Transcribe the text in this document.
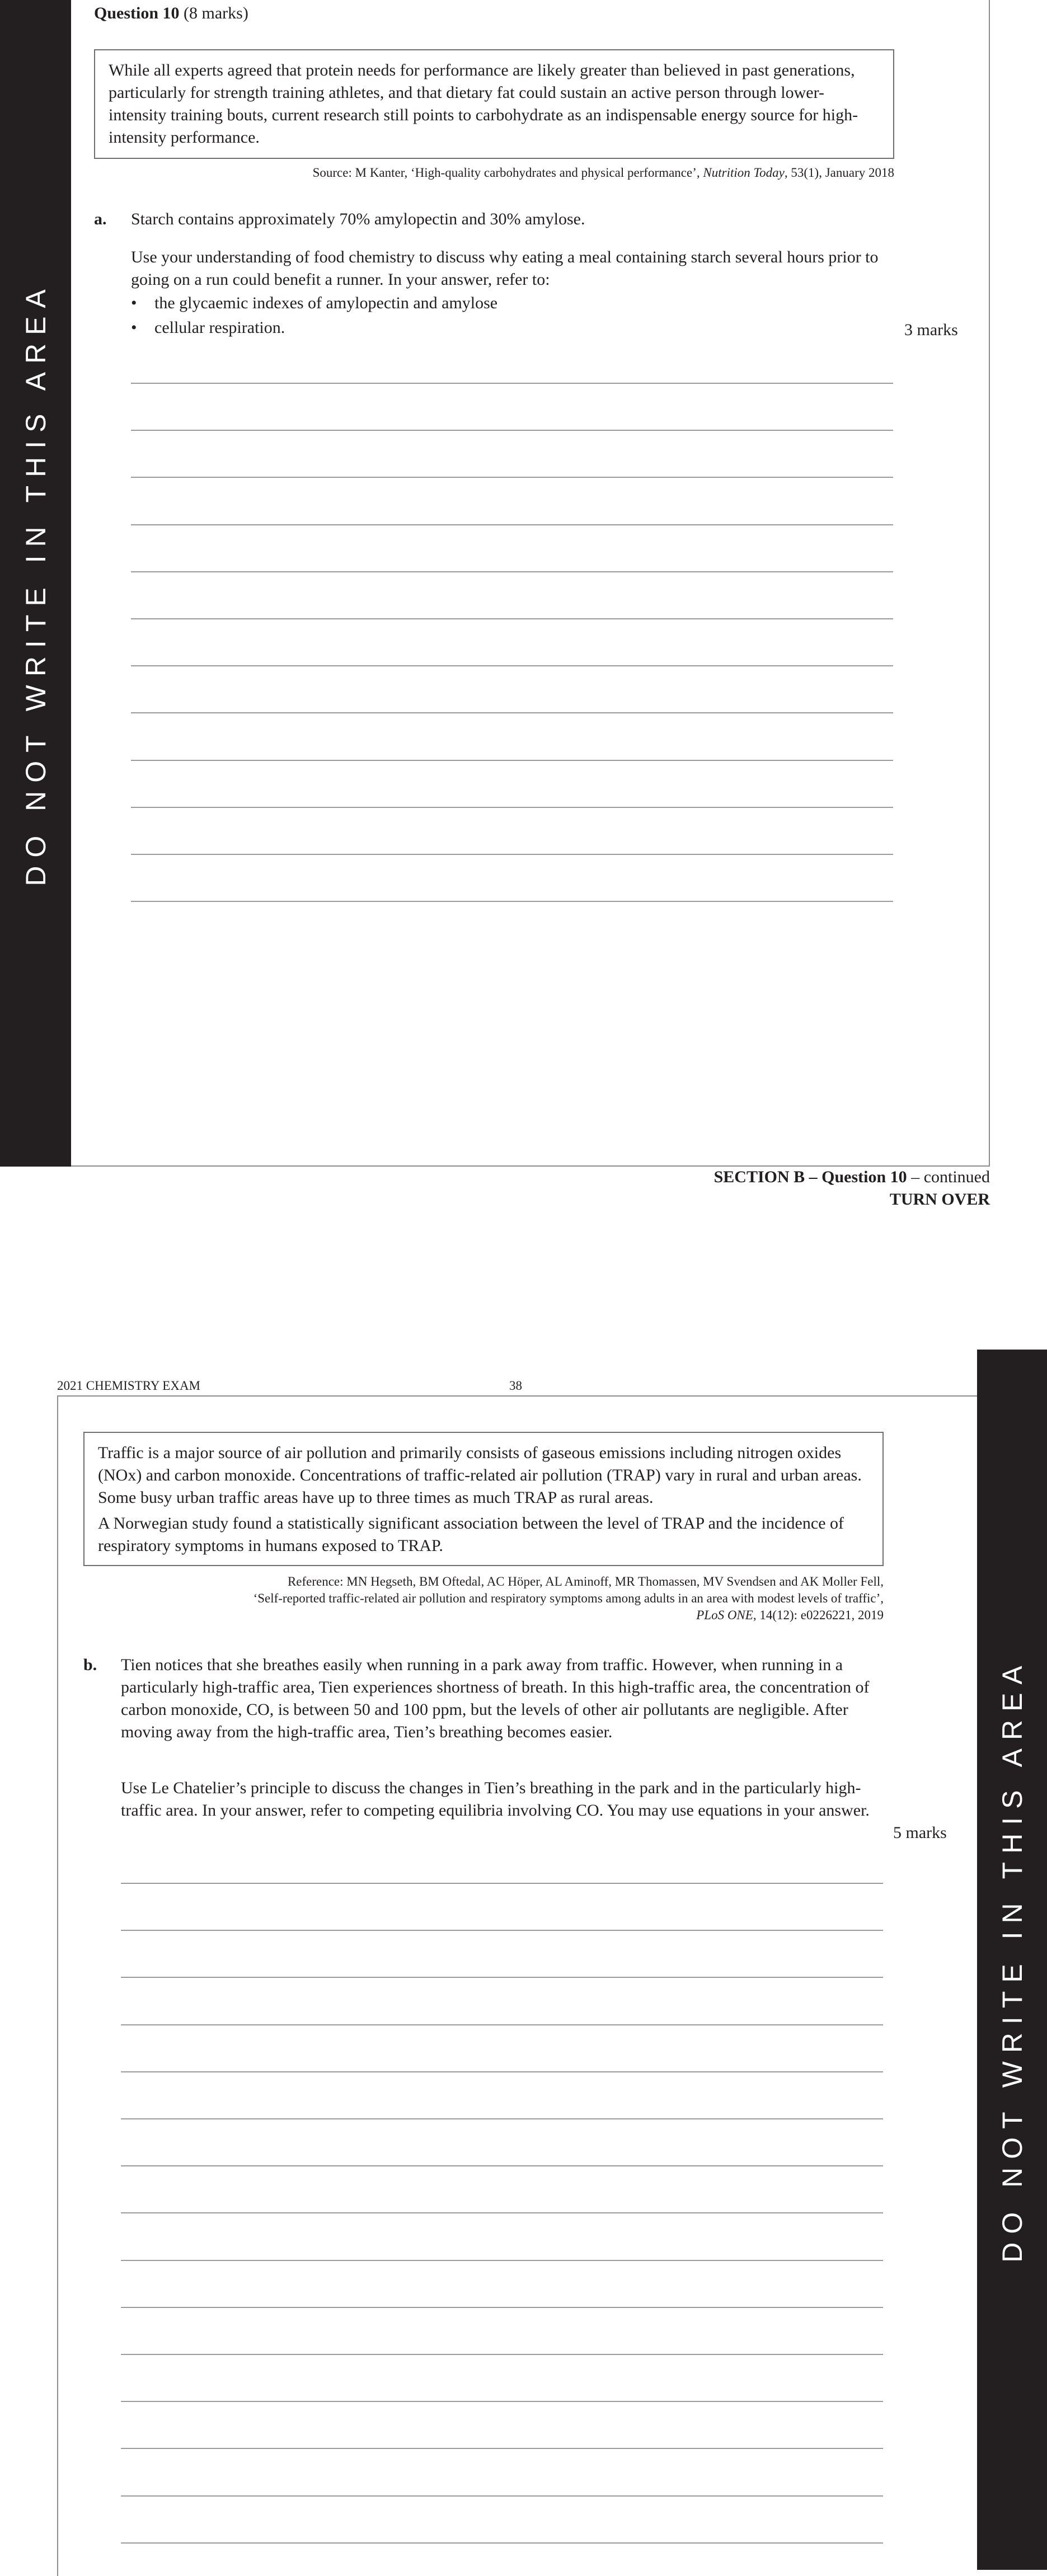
DO NOT WRITE IN THIS AREA
Question 10 (8 marks)

While all experts agreed that protein needs for performance are likely greater than believed in past generations, particularly for strength training athletes, and that dietary fat could sustain an active person through lower-intensity training bouts, current research still points to carbohydrate as an indispensable energy source for high-intensity performance.

Source: M Kanter, ‘High-quality carbohydrates and physical performance’, Nutrition Today, 53(1), January 2018
a. Starch contains approximately 70% amylopectin and 30% amylose.
Use your understanding of food chemistry to discuss why eating a meal containing starch several hours prior to going on a run could benefit a runner. In your answer, refer to:
•	the glycaemic indexes of amylopectin and amylose
•	cellular respiration.	3 marks
SECTION B – Question 10 – continued
TURN OVER
2021 CHEMISTRY EXAM	38
DO NOT WRITE IN THIS AREA

Traffic is a major source of air pollution and primarily consists of gaseous emissions including nitrogen oxides (NOx) and carbon monoxide. Concentrations of traffic-related air pollution (TRAP) vary in rural and urban areas. Some busy urban traffic areas have up to three times as much TRAP as rural areas.

A Norwegian study found a statistically significant association between the level of TRAP and the incidence of respiratory symptoms in humans exposed to TRAP.

Reference: MN Hegseth, BM Oftedal, AC Höper, AL Aminoff, MR Thomassen, MV Svendsen and AK Moller Fell,
‘Self-reported traffic-related air pollution and respiratory symptoms among adults in an area with modest levels of traffic’,
PLoS ONE, 14(12): e0226221, 2019
b. Tien notices that she breathes easily when running in a park away from traffic. However, when running in a particularly high-traffic area, Tien experiences shortness of breath. In this high-traffic area, the concentration of carbon monoxide, CO, is between 50 and 100 ppm, but the levels of other air pollutants are negligible. After moving away from the high-traffic area, Tien’s breathing becomes easier.
Use Le Chatelier’s principle to discuss the changes in Tien’s breathing in the park and in the particularly high-traffic area. In your answer, refer to competing equilibria involving CO. You may use equations in your answer.
5 marks
